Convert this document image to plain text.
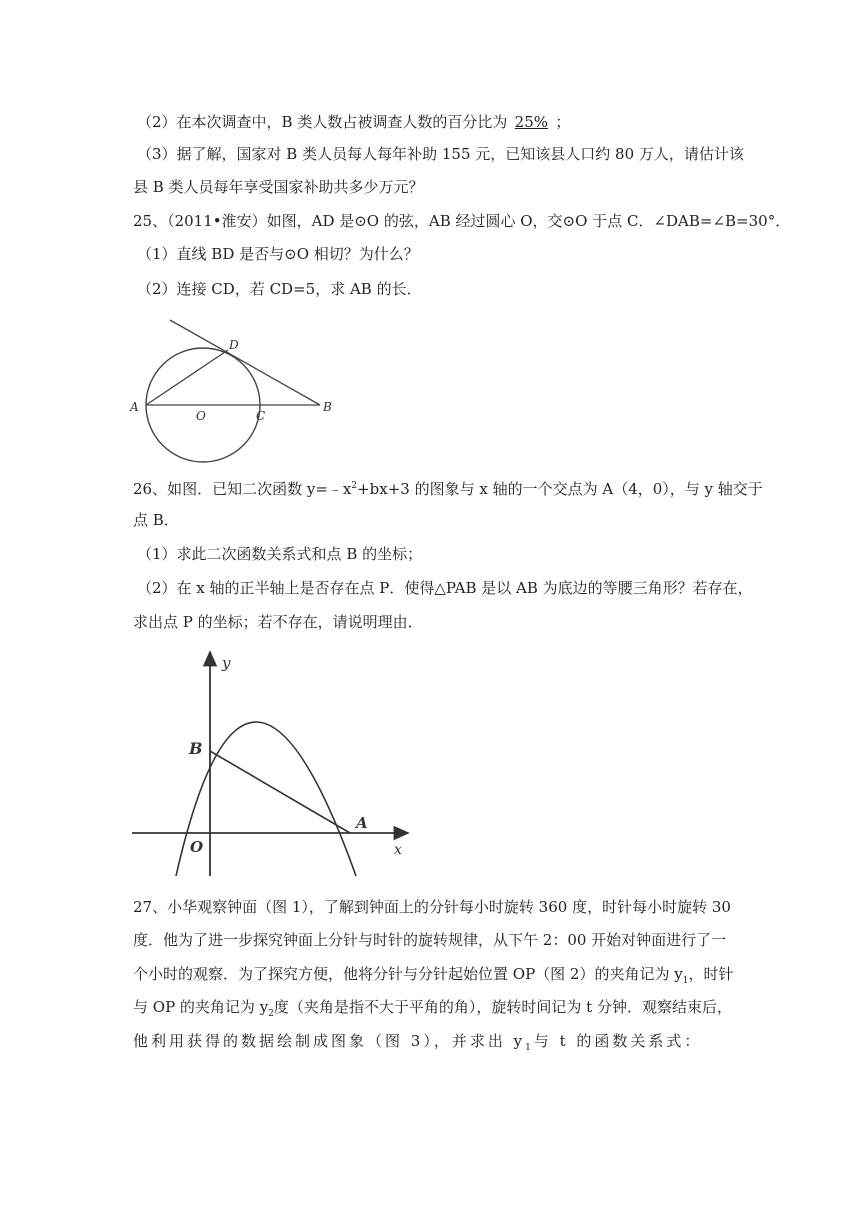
（2）在本次调查中，B 类人数占被调查人数的百分比为 25% ；
（3）据了解，国家对 B 类人员每人每年补助 155 元，已知该县人口约 80 万人，请估计该
县 B 类人员每年享受国家补助共多少万元？
25、（2011•淮安）如图，AD 是⊙O 的弦，AB 经过圆心 O，交⊙O 于点 C．∠DAB=∠B=30°．
（1）直线 BD 是否与⊙O 相切？为什么？
（2）连接 CD，若 CD=5，求 AB 的长．
A
O	C
B
D
26、如图．已知二次函数 $y=﹣x^2+bx+3$ 的图象与 x 轴的一个交点为 A（4，0），与 y 轴交于
点 B．
（1）求此二次函数关系式和点 B 的坐标；
（2）在 x 轴的正半轴上是否存在点 P．使得△PAB 是以 AB 为底边的等腰三角形？若存在，
求出点 P 的坐标；若不存在，请说明理由．
y
B
A
O	x
27、小华观察钟面（图 1），了解到钟面上的分针每小时旋转 360 度，时针每小时旋转 30
度．他为了进一步探究钟面上分针与时针的旋转规律，从下午 2：00 开始对钟面进行了一
个小时的观察．为了探究方便，他将分针与分针起始位置 OP（图 2）的夹角记为 $y_1$，时针
与 OP 的夹角记为 $y_2$度（夹角是指不大于平角的角），旋转时间记为 t 分钟．观察结束后，
他利用获得的数据绘制成图象（图 3），并求出 $y_1$与 t 的函数关系式：
